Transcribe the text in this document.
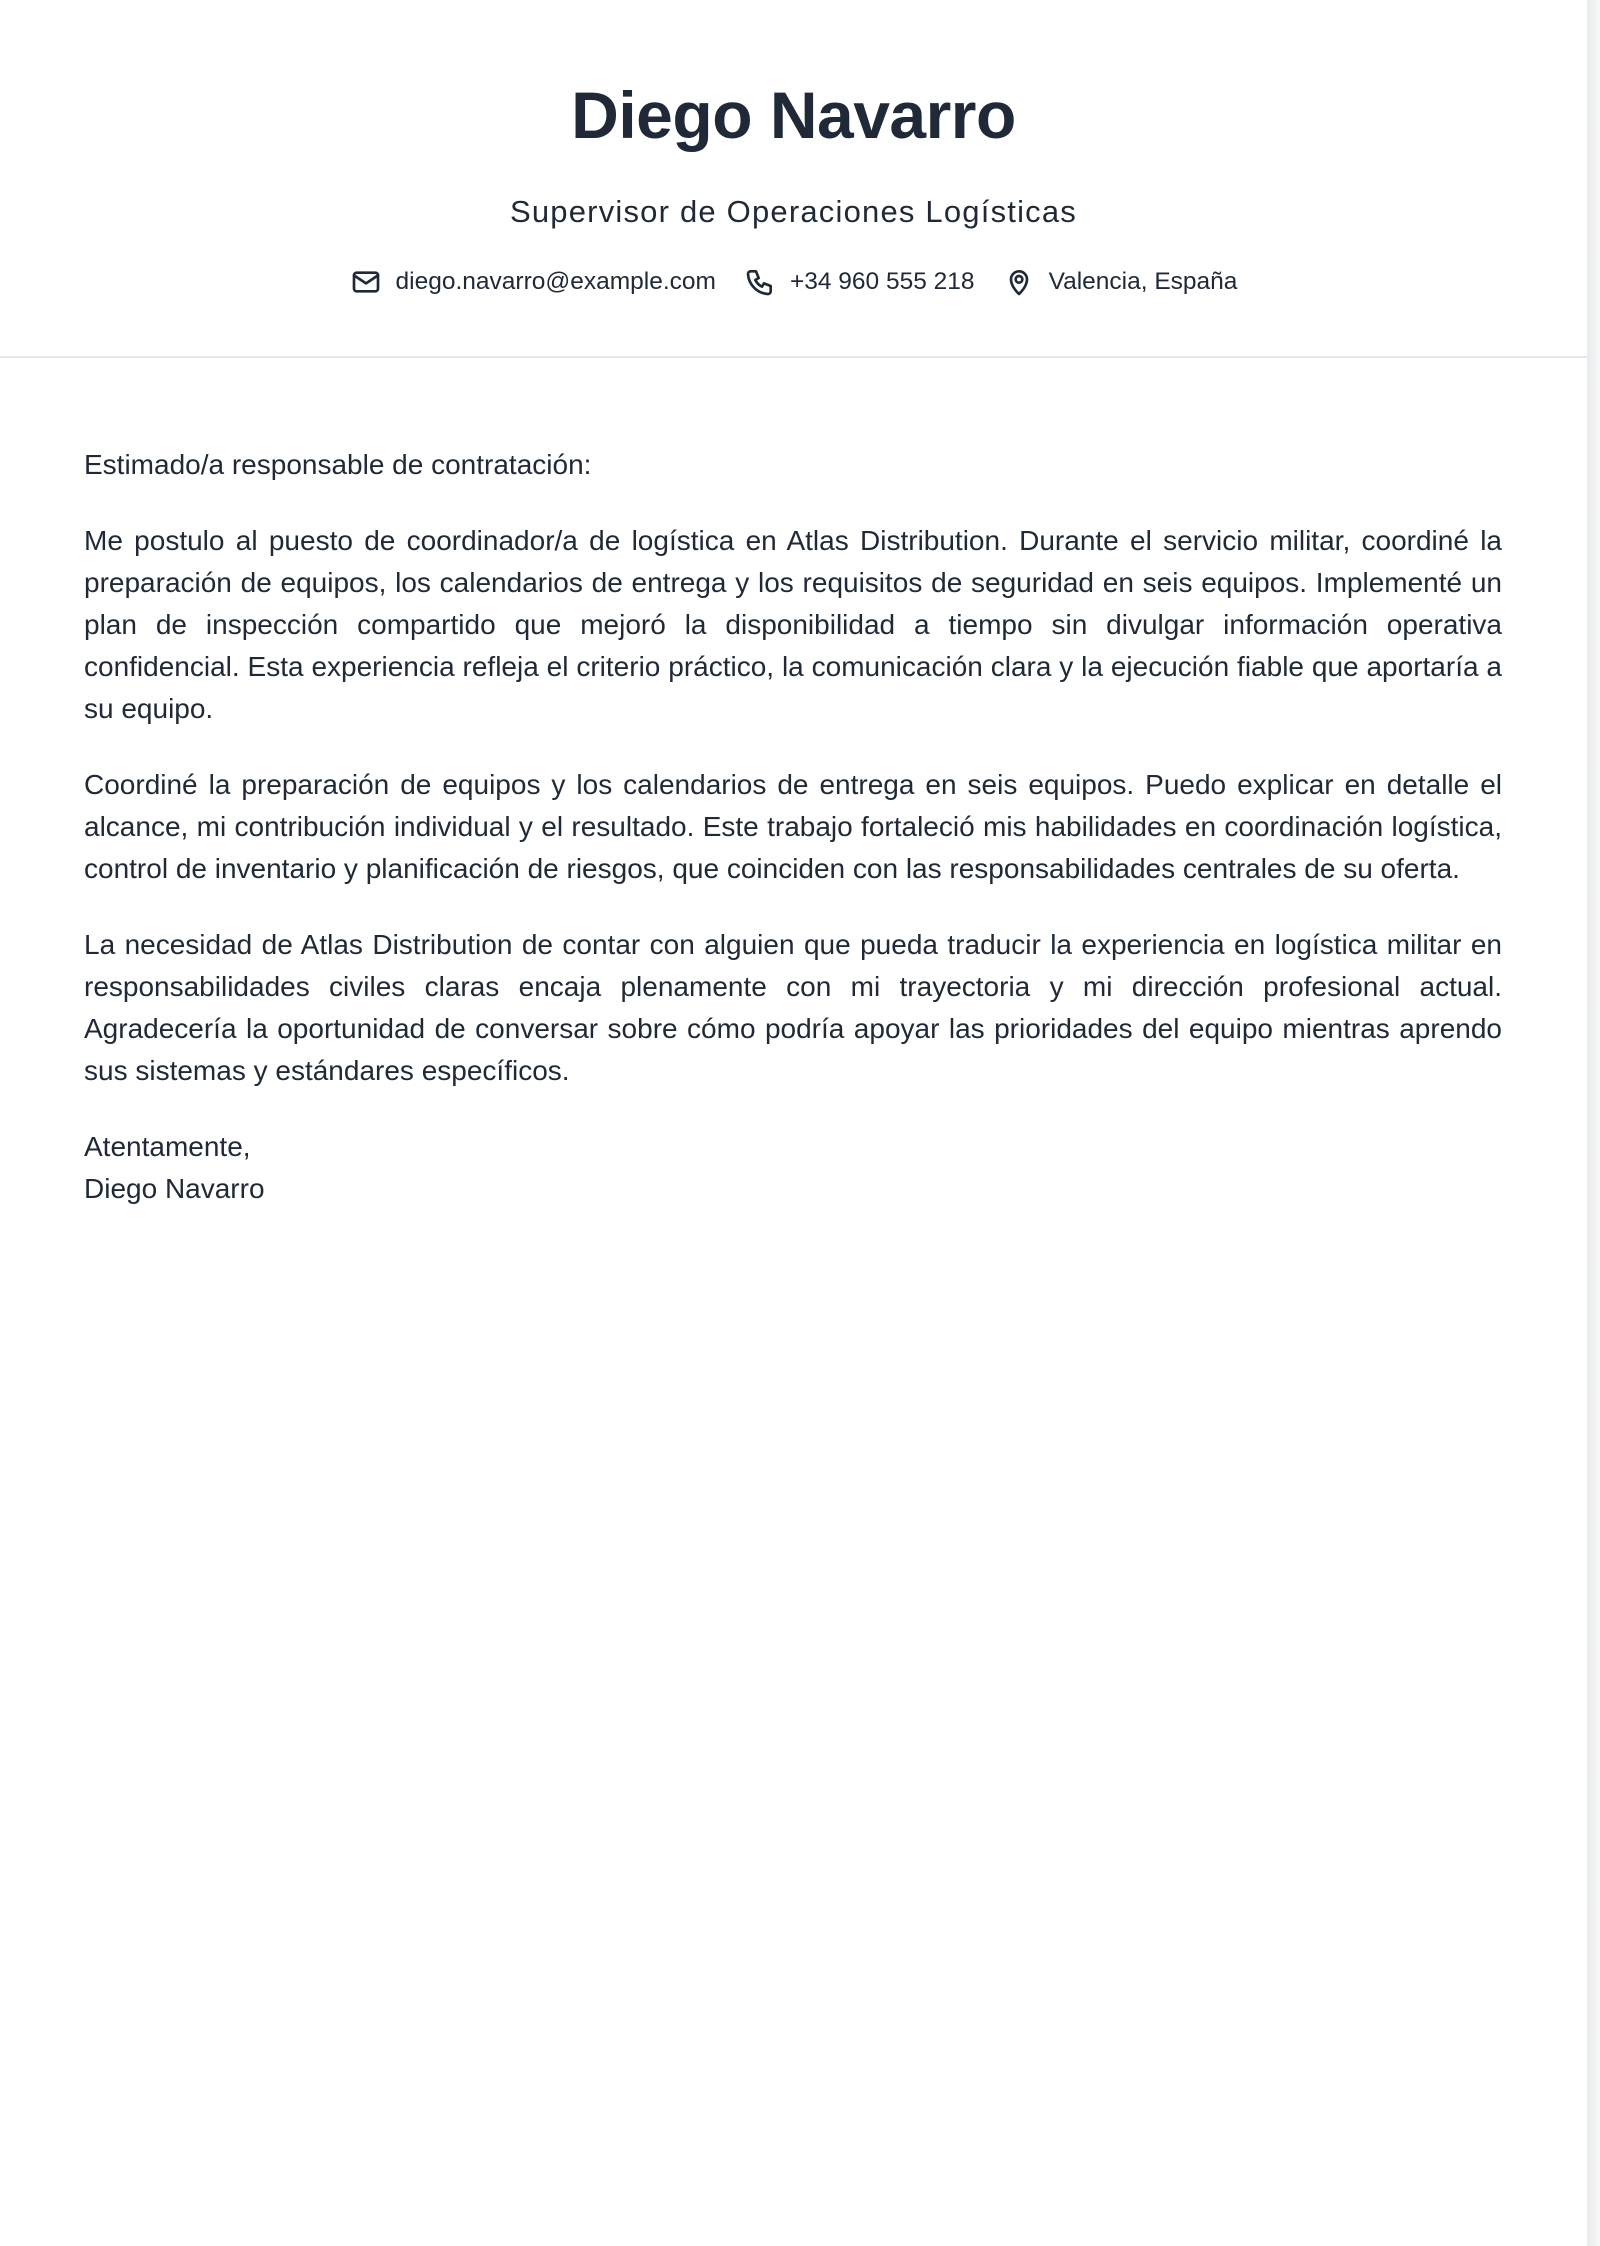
Diego Navarro
Supervisor de Operaciones Logísticas
diego.navarro@example.com	+34 960 555 218	Valencia, España

Estimado/a responsable de contratación:

Me postulo al puesto de coordinador/a de logística en Atlas Distribution. Durante el servicio militar, coordiné la preparación de equipos, los calendarios de entrega y los requisitos de seguridad en seis equipos. Implementé un plan de inspección compartido que mejoró la disponibilidad a tiempo sin divulgar información operativa confidencial. Esta experiencia refleja el criterio práctico, la comunicación clara y la ejecución fiable que aportaría a su equipo.

Coordiné la preparación de equipos y los calendarios de entrega en seis equipos. Puedo explicar en detalle el alcance, mi contribución individual y el resultado. Este trabajo fortaleció mis habilidades en coordinación logística, control de inventario y planificación de riesgos, que coinciden con las responsabilidades centrales de su oferta.

La necesidad de Atlas Distribution de contar con alguien que pueda traducir la experiencia en logística militar en responsabilidades civiles claras encaja plenamente con mi trayectoria y mi dirección profesional actual. Agradecería la oportunidad de conversar sobre cómo podría apoyar las prioridades del equipo mientras aprendo sus sistemas y estándares específicos.

Atentamente,
Diego Navarro
